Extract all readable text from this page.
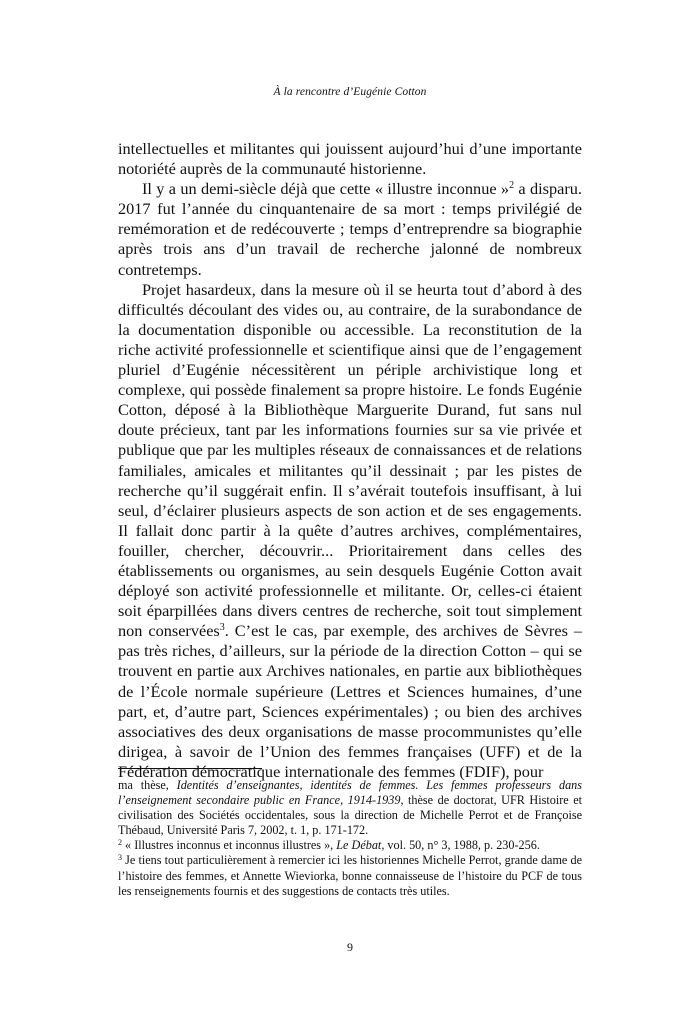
À la rencontre d’Eugénie Cotton

intellectuelles et militantes qui jouissent aujourd’hui d’une importante notoriété auprès de la communauté historienne.

Il y a un demi-siècle déjà que cette « illustre inconnue »$^2$ a disparu. 2017 fut l’année du cinquantenaire de sa mort : temps privilégié de remémoration et de redécouverte ; temps d’entreprendre sa biographie après trois ans d’un travail de recherche jalonné de nombreux contretemps.

Projet hasardeux, dans la mesure où il se heurta tout d’abord à des difficultés découlant des vides ou, au contraire, de la surabondance de la documentation disponible ou accessible. La reconstitution de la riche activité professionnelle et scientifique ainsi que de l’engagement pluriel d’Eugénie nécessitèrent un périple archivistique long et complexe, qui possède finalement sa propre histoire. Le fonds Eugénie Cotton, déposé à la Bibliothèque Marguerite Durand, fut sans nul doute précieux, tant par les informations fournies sur sa vie privée et publique que par les multiples réseaux de connaissances et de relations familiales, amicales et militantes qu’il dessinait ; par les pistes de recherche qu’il suggérait enfin. Il s’avérait toutefois insuffisant, à lui seul, d’éclairer plusieurs aspects de son action et de ses engagements. Il fallait donc partir à la quête d’autres archives, complémentaires, fouiller, chercher, découvrir... Prioritairement dans celles des établissements ou organismes, au sein desquels Eugénie Cotton avait déployé son activité professionnelle et militante. Or, celles-ci étaient soit éparpillées dans divers centres de recherche, soit tout simplement non conservées$^3$. C’est le cas, par exemple, des archives de Sèvres – pas très riches, d’ailleurs, sur la période de la direction Cotton – qui se trouvent en partie aux Archives nationales, en partie aux bibliothèques de l’École normale supérieure (Lettres et Sciences humaines, d’une part, et, d’autre part, Sciences expérimentales) ; ou bien des archives associatives des deux organisations de masse procommunistes qu’elle dirigea, à savoir de l’Union des femmes françaises (UFF) et de la Fédération démocratique internationale des femmes (FDIF), pour

ma thèse, Identités d’enseignantes, identités de femmes. Les femmes professeurs dans l’enseignement secondaire public en France, 1914-1939, thèse de doctorat, UFR Histoire et civilisation des Sociétés occidentales, sous la direction de Michelle Perrot et de Françoise Thébaud, Université Paris 7, 2002, t. 1, p. 171-172.

$^2$ « Illustres inconnus et inconnus illustres », Le Débat, vol. 50, n° 3, 1988, p. 230-256.

$^3$ Je tiens tout particulièrement à remercier ici les historiennes Michelle Perrot, grande dame de l’histoire des femmes, et Annette Wieviorka, bonne connaisseuse de l’histoire du PCF de tous les renseignements fournis et des suggestions de contacts très utiles.

9
